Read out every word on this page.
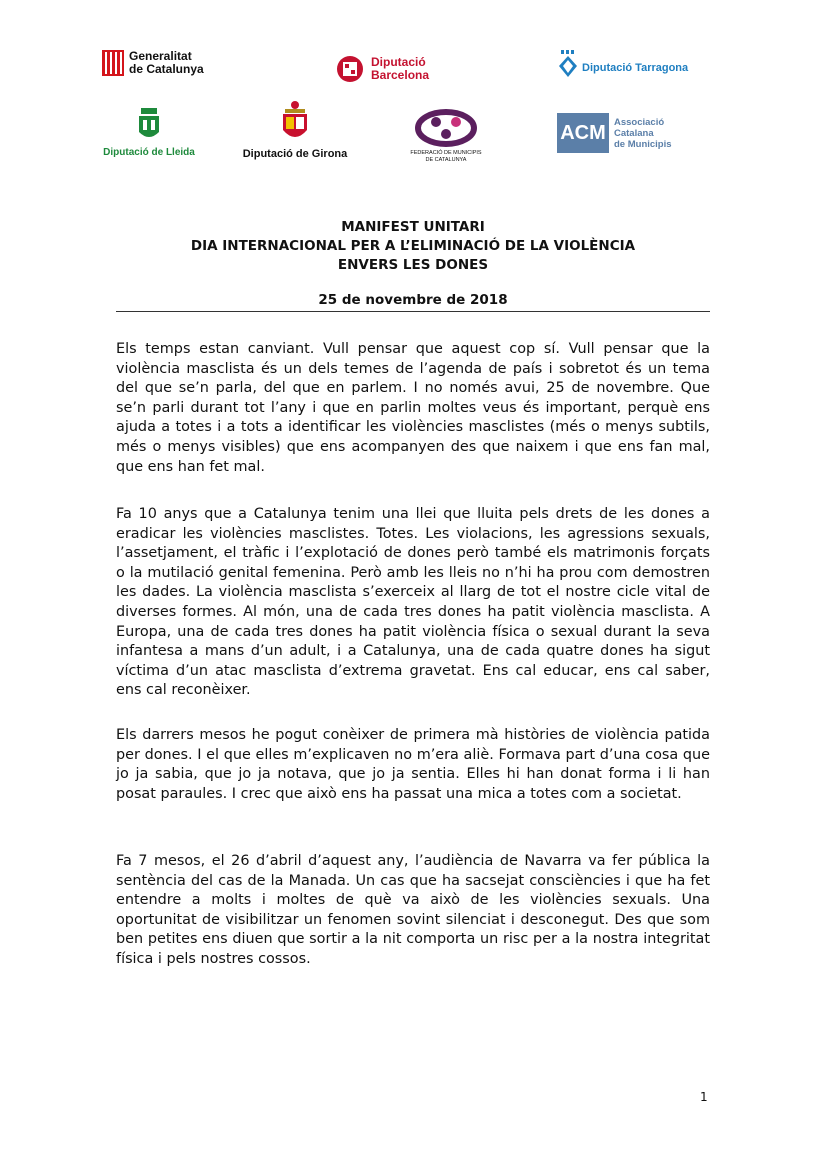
Generalitat
de Catalunya	Diputació
Barcelona
Diputació Tarragona
Diputació de Lleida	Diputació de Girona	FEDERACIÓ DE MUNICIPIS
DE CATALUNYA
ACM Associació
Catalana
de Municipis
MANIFEST UNITARI
DIA INTERNACIONAL PER A L’ELIMINACIÓ DE LA VIOLÈNCIA
ENVERS LES DONES
25 de novembre de 2018
Els temps estan canviant. Vull pensar que aquest cop sí. Vull pensar que la violència masclista és un dels temes de l’agenda de país i sobretot és un tema del que se’n parla, del que en parlem. I no només avui, 25 de novembre. Que se’n parli durant tot l’any i que en parlin moltes veus és important, perquè ens ajuda a totes i a tots a identificar les violències masclistes (més o menys subtils, més o menys visibles) que ens acompanyen des que naixem i que ens fan mal, que ens han fet mal.
Fa 10 anys que a Catalunya tenim una llei que lluita pels drets de les dones a eradicar les violències masclistes. Totes. Les violacions, les agressions sexuals, l’assetjament, el tràfic i l’explotació de dones però també els matrimonis forçats o la mutilació genital femenina. Però amb les lleis no n’hi ha prou com demostren les dades. La violència masclista s’exerceix al llarg de tot el nostre cicle vital de diverses formes. Al món, una de cada tres dones ha patit violència masclista. A Europa, una de cada tres dones ha patit violència física o sexual durant la seva infantesa a mans d’un adult, i a Catalunya, una de cada quatre dones ha sigut víctima d’un atac masclista d’extrema gravetat. Ens cal educar, ens cal saber, ens cal reconèixer.
Els darrers mesos he pogut conèixer de primera mà històries de violència patida per dones. I el que elles m’explicaven no m’era aliè. Formava part d’una cosa que jo ja sabia, que jo ja notava, que jo ja sentia. Elles hi han donat forma i li han posat paraules. I crec que això ens ha passat una mica a totes com a societat.
Fa 7 mesos, el 26 d’abril d’aquest any, l’audiència de Navarra va fer pública la sentència del cas de la Manada. Un cas que ha sacsejat consciències i que ha fet entendre a molts i moltes de què va això de les violències sexuals. Una oportunitat de visibilitzar un fenomen sovint silenciat i desconegut. Des que som ben petites ens diuen que sortir a la nit comporta un risc per a la nostra integritat física i pels nostres cossos.
1
